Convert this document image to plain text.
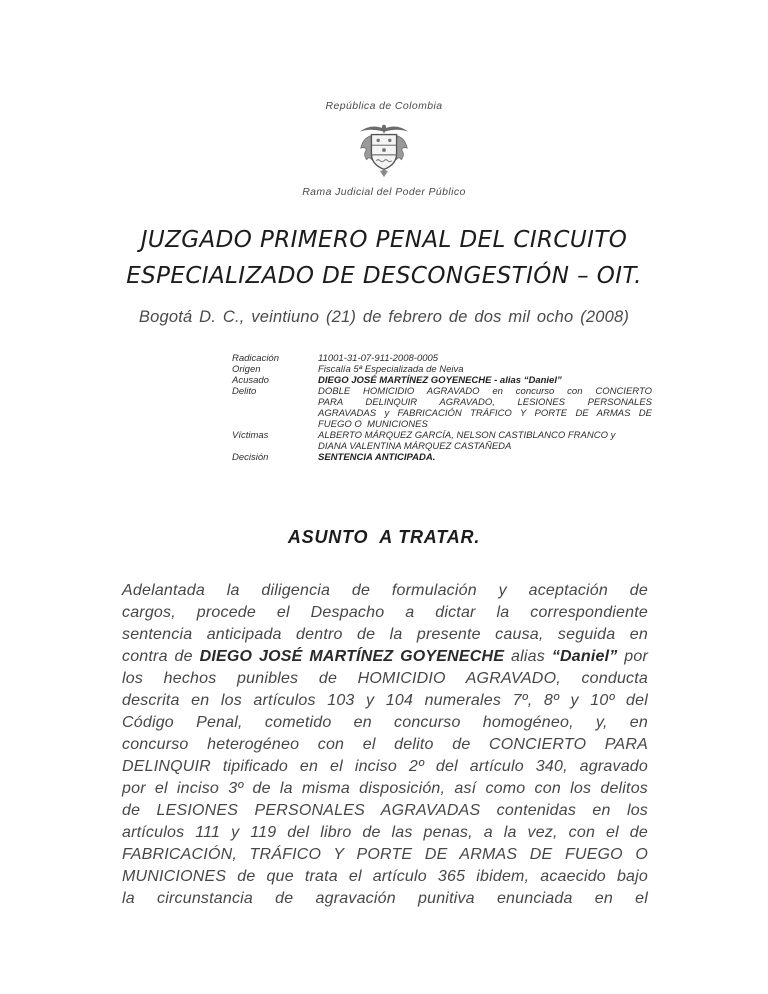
República de Colombia
Rama Judicial del Poder Público
JUZGADO PRIMERO PENAL DEL CIRCUITO
ESPECIALIZADO DE DESCONGESTIÓN – OIT.
Bogotá D. C., veintiuno (21) de febrero de dos mil ocho (2008)
Radicación	11001-31-07-911-2008-0005
Origen	Fiscalía 5ª Especializada de Neiva
Acusado	DIEGO JOSÉ MARTÍNEZ GOYENECHE - alias “Daniel”
Delito	DOBLE HOMICIDIO AGRAVADO en concurso con CONCIERTO
PARA DELINQUIR AGRAVADO, LESIONES PERSONALES
AGRAVADAS y FABRICACIÓN TRÁFICO Y PORTE DE ARMAS DE
FUEGO O  MUNICIONES
Víctimas	ALBERTO MÁRQUEZ GARCÍA, NELSON CASTIBLANCO FRANCO y
DIANA VALENTINA MÁRQUEZ CASTAÑEDA
Decisión	SENTENCIA ANTICIPADA.
ASUNTO  A TRATAR.
Adelantada la diligencia de formulación y aceptación de
cargos, procede el Despacho a dictar la correspondiente
sentencia anticipada dentro de la presente causa, seguida en
contra de DIEGO JOSÉ MARTÍNEZ GOYENECHE alias “Daniel” por
los hechos punibles de HOMICIDIO AGRAVADO, conducta
descrita en los artículos 103 y 104 numerales 7º, 8º y 10º del
Código Penal, cometido en concurso homogéneo, y, en
concurso heterogéneo con el delito de CONCIERTO PARA
DELINQUIR tipificado en el inciso 2º del artículo 340, agravado
por el inciso 3º de la misma disposición, así como con los delitos
de LESIONES PERSONALES AGRAVADAS contenidas en los
artículos 111 y 119 del libro de las penas, a la vez, con el de
FABRICACIÓN, TRÁFICO Y PORTE DE ARMAS DE FUEGO O
MUNICIONES de que trata el artículo 365 ibidem, acaecido bajo
la circunstancia de agravación punitiva enunciada en el
